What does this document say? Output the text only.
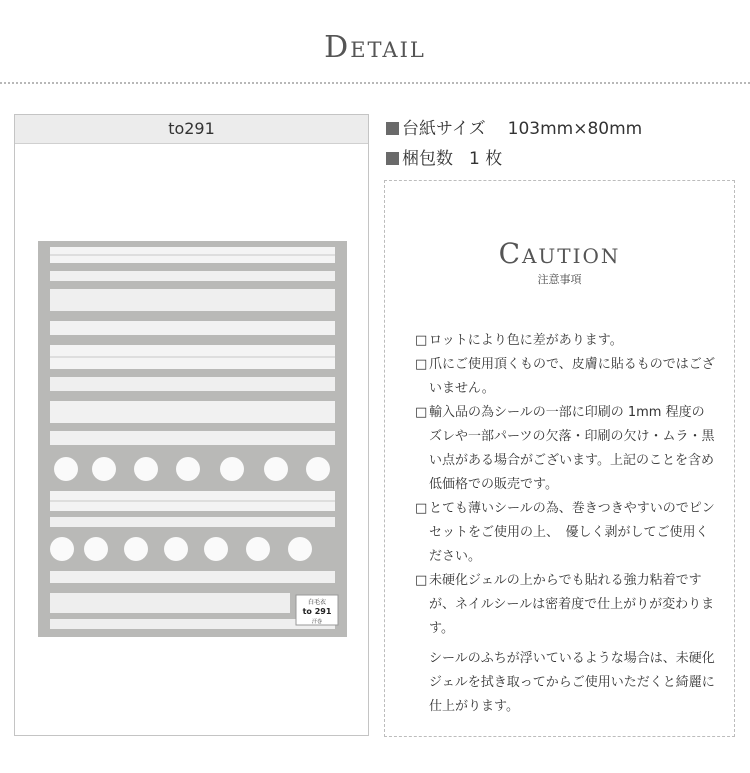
Detail
to291
白毛衣
to 291
汗巻
台紙サイズ 103mm×80mm
梱包数 1 枚
Caution
注意事項
□ ロットにより色に差があります。
□ 爪にご使用頂くもので、皮膚に貼るものではございません。
□ 輸入品の為シールの一部に印刷の 1mm 程度のズレや一部パーツの欠落・印刷の欠け・ムラ・黒い点がある場合がございます。上記のことを含め低価格での販売です。
□ とても薄いシールの為、巻きつきやすいのでピンセットをご使用の上、　優しく剥がしてご使用ください。
□ 未硬化ジェルの上からでも貼れる強力粘着ですが、ネイルシールは密着度で仕上がりが変わります。
シールのふちが浮いているような場合は、未硬化ジェルを拭き取ってからご使用いただくと綺麗に仕上がります。
